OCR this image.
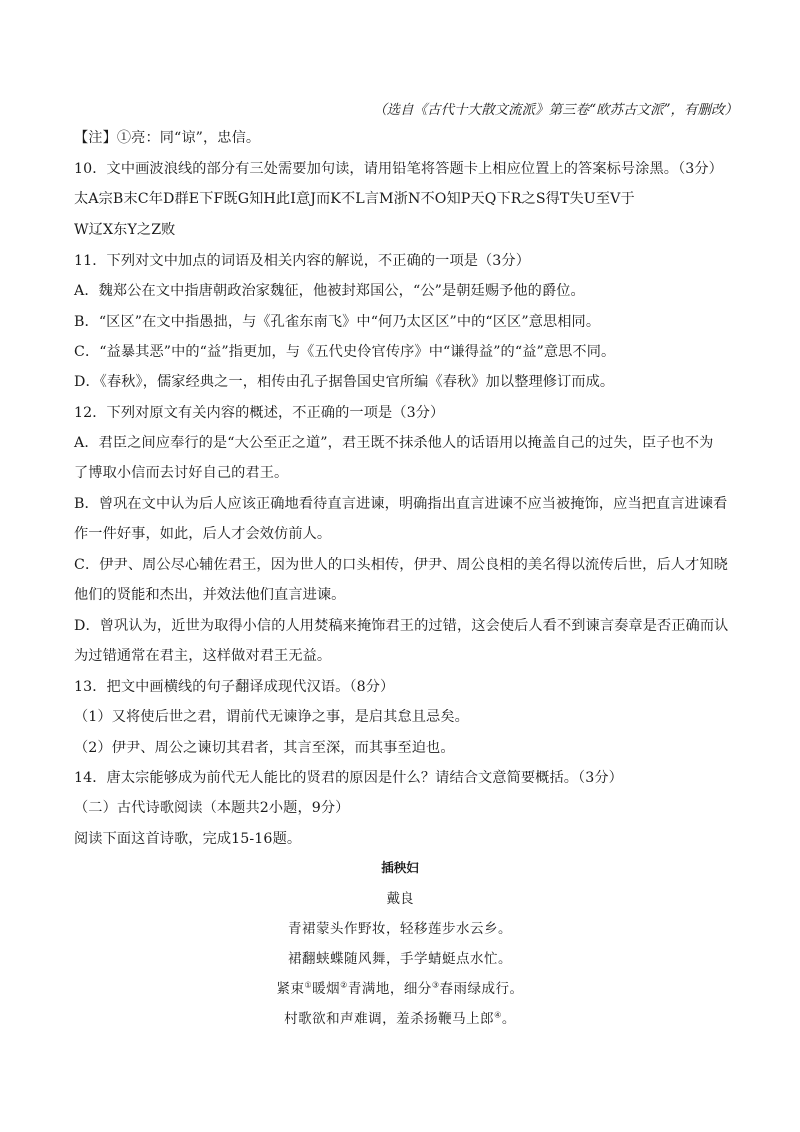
（选自《古代十大散文流派》第三卷“欧苏古文派”，有删改）
【注】①亮：同“谅”，忠信。
10．文中画波浪线的部分有三处需要加句读，请用铅笔将答题卡上相应位置上的答案标号涂黑。（3分）
太A宗B末C年D群E下F既G知H此I意J而K不L言M浙N不O知P天Q下R之S得T失U至V于
W辽X东Y之Z败
11．下列对文中加点的词语及相关内容的解说，不正确的一项是（3分）
A．魏郑公在文中指唐朝政治家魏征，他被封郑国公，“公”是朝廷赐予他的爵位。
B．“区区”在文中指愚拙，与《孔雀东南飞》中“何乃太区区”中的“区区”意思相同。
C．“益暴其恶”中的“益”指更加，与《五代史伶官传序》中“谦得益”的“益”意思不同。
D．《春秋》，儒家经典之一，相传由孔子据鲁国史官所编《春秋》加以整理修订而成。
12．下列对原文有关内容的概述，不正确的一项是（3分）
A．君臣之间应奉行的是“大公至正之道”，君王既不抹杀他人的话语用以掩盖自己的过失，臣子也不为
了博取小信而去讨好自己的君王。
B．曾巩在文中认为后人应该正确地看待直言进谏，明确指出直言进谏不应当被掩饰，应当把直言进谏看
作一件好事，如此，后人才会效仿前人。
C．伊尹、周公尽心辅佐君王，因为世人的口头相传，伊尹、周公良相的美名得以流传后世，后人才知晓
他们的贤能和杰出，并效法他们直言进谏。
D．曾巩认为，近世为取得小信的人用焚稿来掩饰君王的过错，这会使后人看不到谏言奏章是否正确而认
为过错通常在君主，这样做对君王无益。
13．把文中画横线的句子翻译成现代汉语。（8分）
（1）又将使后世之君，谓前代无谏诤之事，是启其怠且忌矣。
（2）伊尹、周公之谏切其君者，其言至深，而其事至迫也。
14．唐太宗能够成为前代无人能比的贤君的原因是什么？请结合文意简要概括。（3分）
（二）古代诗歌阅读（本题共2小题，9分）
阅读下面这首诗歌，完成15-16题。
插秧妇
戴良
青裙蒙头作野妆，轻移莲步水云乡。
裙翻蛱蝶随风舞，手学蜻蜓点水忙。
紧束①暖烟②青满地，细分③春雨绿成行。
村歌欲和声难调，羞杀扬鞭马上郎④。
